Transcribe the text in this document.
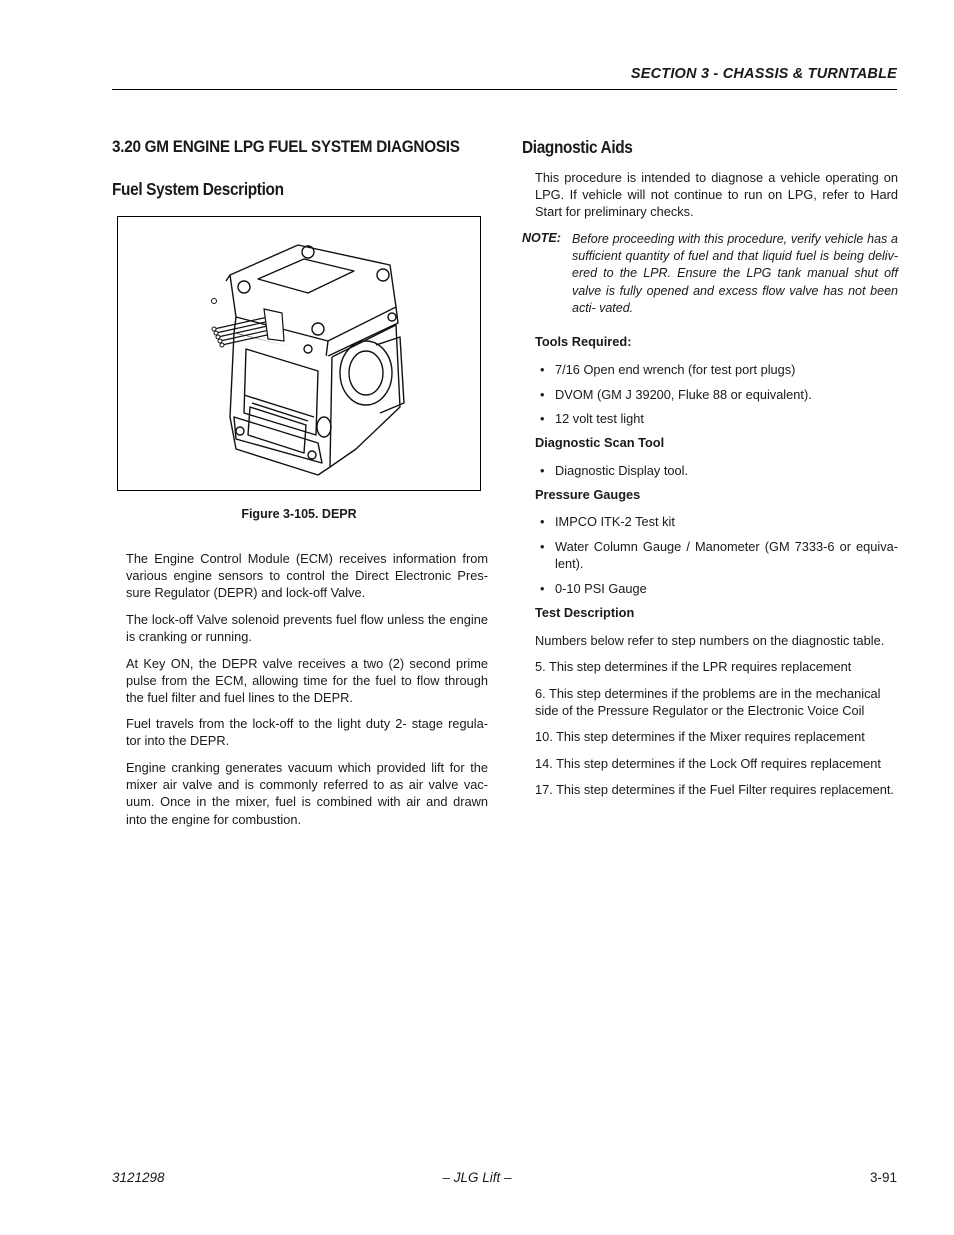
SECTION 3 - CHASSIS & TURNTABLE
3.20 GM ENGINE LPG FUEL SYSTEM DIAGNOSIS
Fuel System Description
Figure 3-105. DEPR
The Engine Control Module (ECM) receives information from various engine sensors to control the Direct Electronic Pres- sure Regulator (DEPR) and lock-off Valve.
The lock-off Valve solenoid prevents fuel flow unless the engine is cranking or running.
At Key ON, the DEPR valve receives a two (2) second prime pulse from the ECM, allowing time for the fuel to flow through the fuel filter and fuel lines to the DEPR.
Fuel travels from the lock-off to the light duty 2- stage regula- tor into the DEPR.
Engine cranking generates vacuum which provided lift for the mixer air valve and is commonly referred to as air valve vac- uum. Once in the mixer, fuel is combined with air and drawn into the engine for combustion.
Diagnostic Aids
This procedure is intended to diagnose a vehicle operating on LPG. If vehicle will not continue to run on LPG, refer to Hard Start for preliminary checks.
NOTE: Before proceeding with this procedure, verify vehicle has a sufficient quantity of fuel and that liquid fuel is being deliv- ered to the LPR. Ensure the LPG tank manual shut off valve is fully opened and excess flow valve has not been acti- vated.
Tools Required:
• 7/16 Open end wrench (for test port plugs)
• DVOM (GM J 39200, Fluke 88 or equivalent).
• 12 volt test light
Diagnostic Scan Tool
• Diagnostic Display tool.
Pressure Gauges
• IMPCO ITK-2 Test kit
• Water Column Gauge / Manometer (GM 7333-6 or equiva- lent).
• 0-10 PSI Gauge
Test Description
Numbers below refer to step numbers on the diagnostic table.
5. This step determines if the LPR requires replacement
6. This step determines if the problems are in the mechanical side of the Pressure Regulator or the Electronic Voice Coil
10. This step determines if the Mixer requires replacement
14. This step determines if the Lock Off requires replacement
17. This step determines if the Fuel Filter requires replacement.
3121298	– JLG Lift –	3-91
